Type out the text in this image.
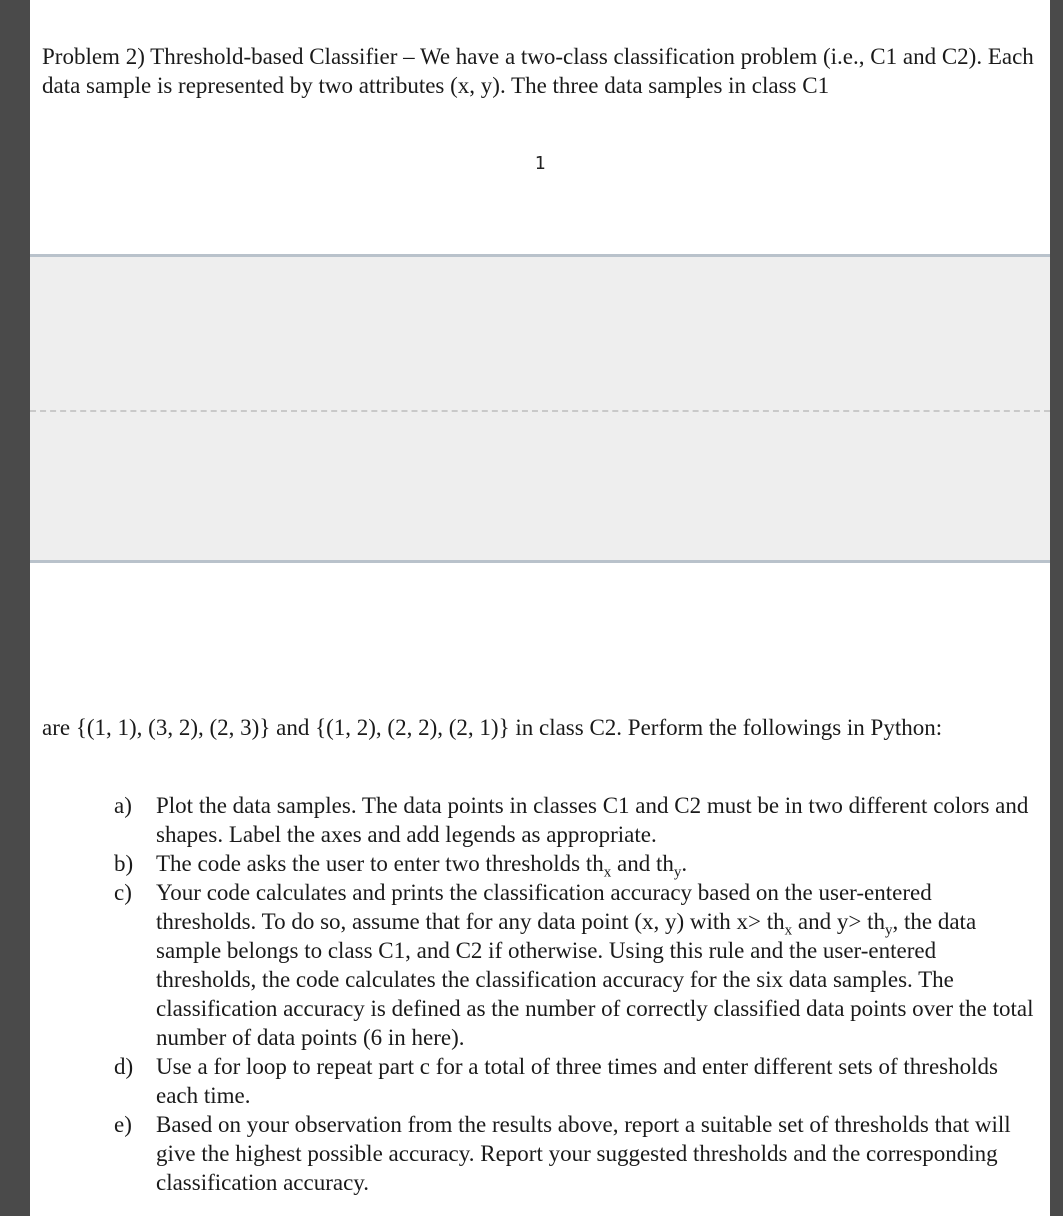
Problem 2) Threshold-based Classifier – We have a two-class classification problem (i.e., C1 and C2). Each data sample is represented by two attributes (x, y). The three data samples in class C1
1
are {(1, 1), (3, 2), (2, 3)} and {(1, 2), (2, 2), (2, 1)} in class C2. Perform the followings in Python:
a)	Plot the data samples. The data points in classes C1 and C2 must be in two different colors and shapes. Label the axes and add legends as appropriate.
b) The code asks the user to enter two thresholds $th_x$ and $th_y$.
c)	Your code calculates and prints the classification accuracy based on the user-entered thresholds. To do so, assume that for any data point (x, y) with $x> th_x$ and $y> th_y$, the data sample belongs to class C1, and C2 if otherwise. Using this rule and the user-entered thresholds, the code calculates the classification accuracy for the six data samples. The classification accuracy is defined as the number of correctly classified data points over the total number of data points (6 in here).
d) Use a for loop to repeat part c for a total of three times and enter different sets of thresholds each time.
e)	Based on your observation from the results above, report a suitable set of thresholds that will give the highest possible accuracy. Report your suggested thresholds and the corresponding classification accuracy.
